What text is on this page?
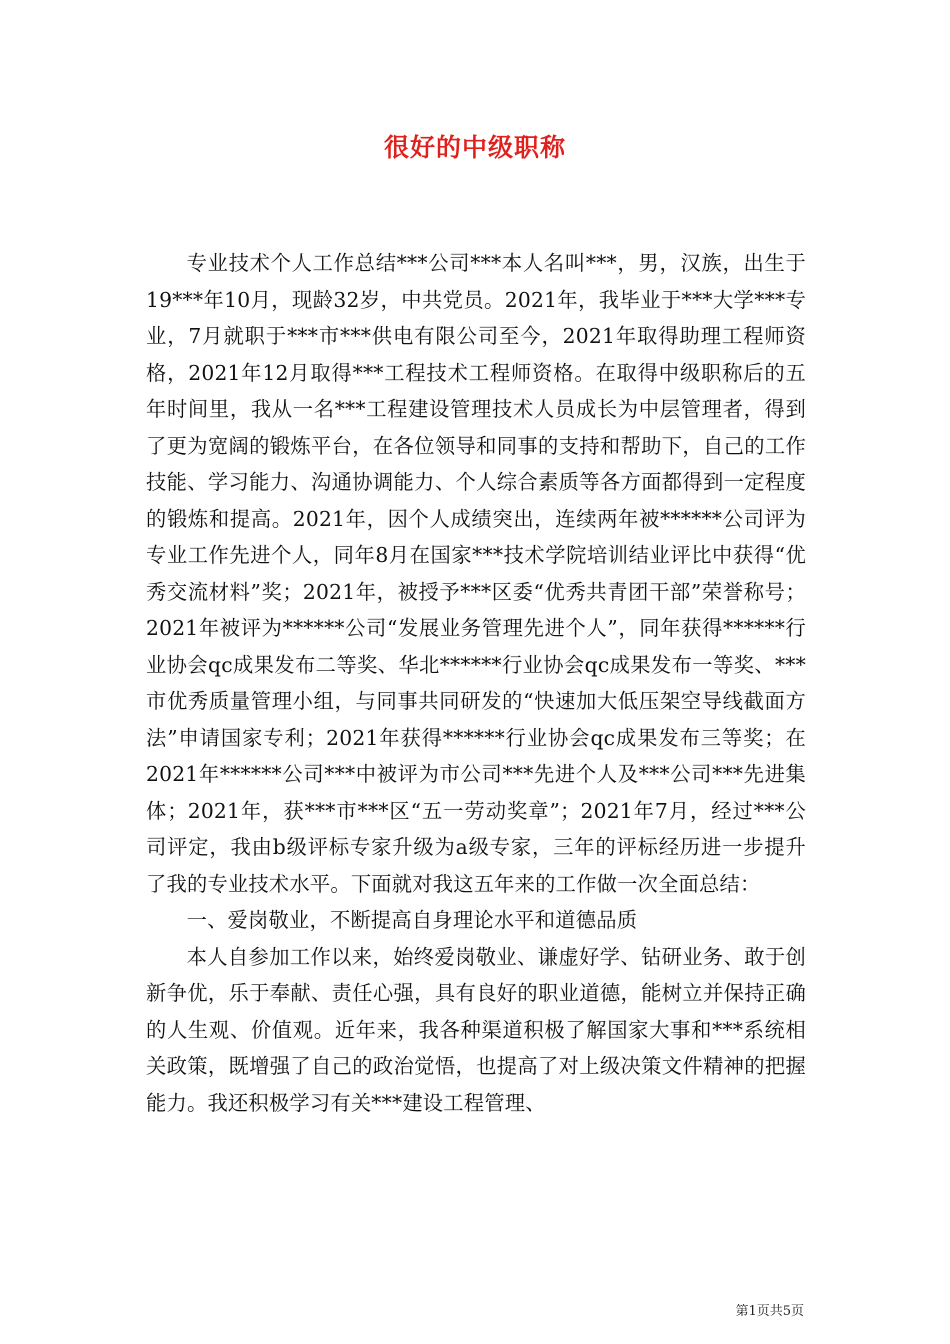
很好的中级职称

专业技术个人工作总结***公司***本人名叫***，男，汉族，出生于19***年10月，现龄32岁，中共党员。2021年，我毕业于***大学***专业，7月就职于***市***供电有限公司至今，2021年取得助理工程师资格，2021年12月取得***工程技术工程师资格。在取得中级职称后的五年时间里，我从一名***工程建设管理技术人员成长为中层管理者，得到了更为宽阔的锻炼平台，在各位领导和同事的支持和帮助下，自己的工作技能、学习能力、沟通协调能力、个人综合素质等各方面都得到一定程度的锻炼和提高。2021年，因个人成绩突出，连续两年被******公司评为专业工作先进个人，同年8月在国家***技术学院培训结业评比中获得“优秀交流材料”奖；2021年，被授予***区委“优秀共青团干部”荣誉称号；2021年被评为******公司“发展业务管理先进个人”，同年获得******行业协会qc成果发布二等奖、华北******行业协会qc成果发布一等奖、***市优秀质量管理小组，与同事共同研发的“快速加大低压架空导线截面方法”申请国家专利；2021年获得******行业协会qc成果发布三等奖；在2021年******公司***中被评为市公司***先进个人及***公司***先进集体；2021年，获***市***区“五一劳动奖章”；2021年7月，经过***公司评定，我由b级评标专家升级为a级专家，三年的评标经历进一步提升了我的专业技术水平。下面就对我这五年来的工作做一次全面总结：

一、爱岗敬业，不断提高自身理论水平和道德品质

本人自参加工作以来，始终爱岗敬业、谦虚好学、钻研业务、敢于创新争优，乐于奉献、责任心强，具有良好的职业道德，能树立并保持正确的人生观、价值观。近年来，我各种渠道积极了解国家大事和***系统相关政策，既增强了自己的政治觉悟，也提高了对上级决策文件精神的把握能力。我还积极学习有关***建设工程管理、

第1页共5页
